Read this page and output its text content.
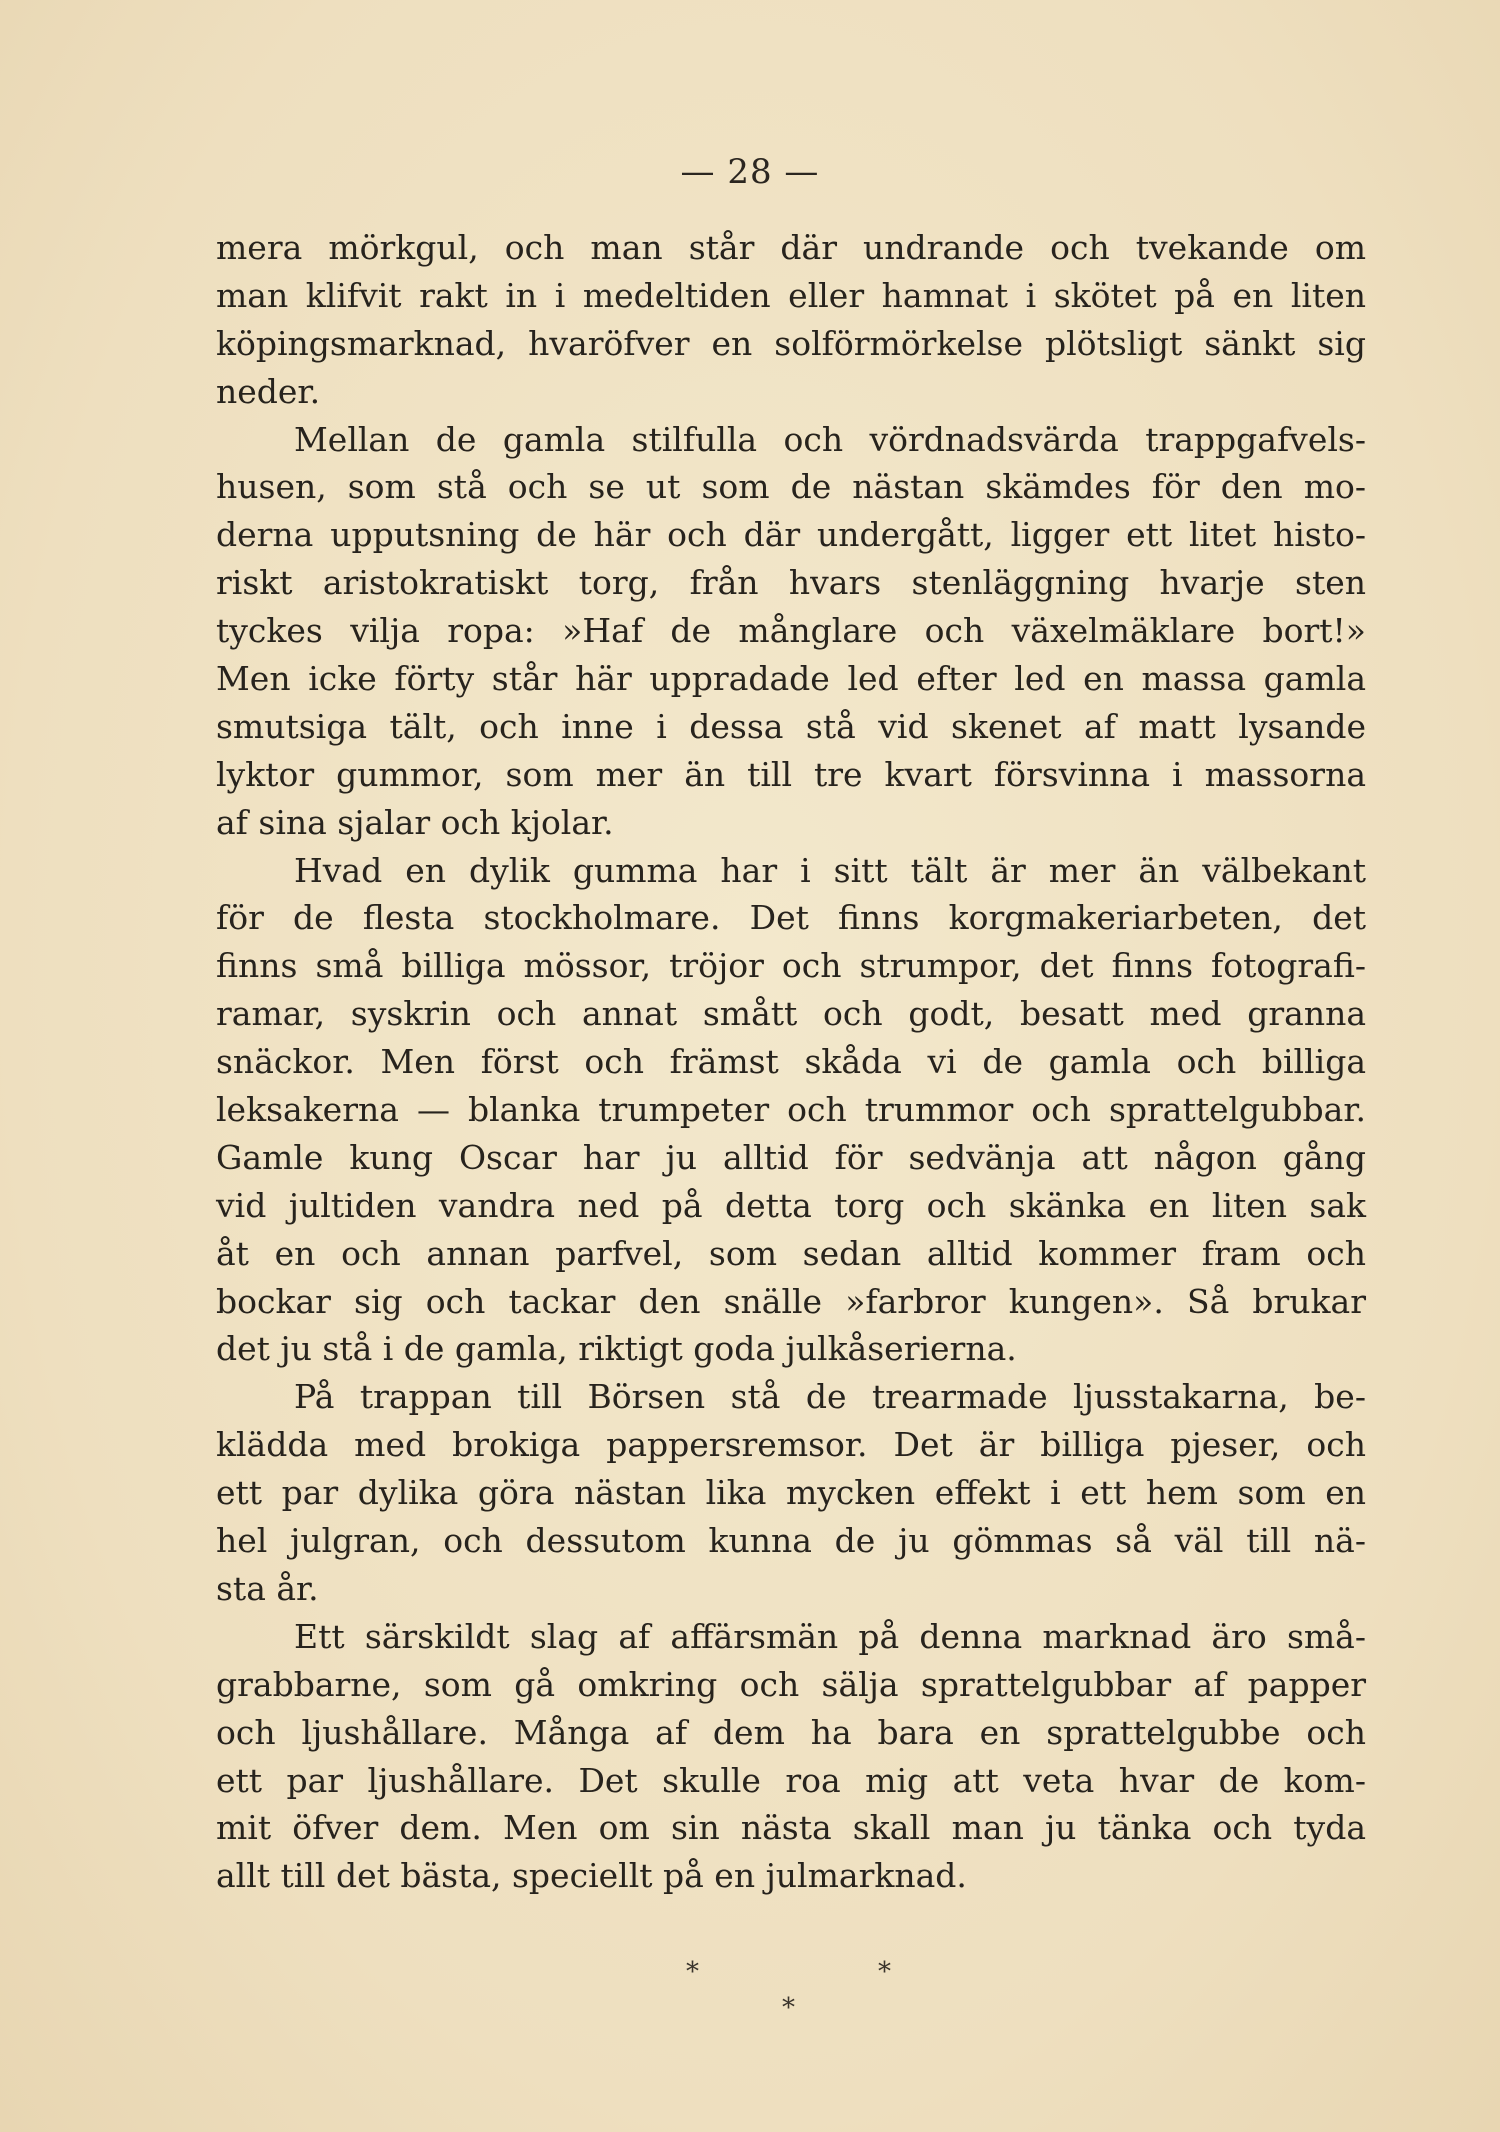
— 28 —
mera mörkgul, och man står där undrande och tvekande om
man klifvit rakt in i medeltiden eller hamnat i skötet på en liten
köpingsmarknad, hvaröfver en solförmörkelse plötsligt sänkt sig
neder.
Mellan de gamla stilfulla och vördnadsvärda trappgafvels-
husen, som stå och se ut som de nästan skämdes för den mo-
derna upputsning de här och där undergått, ligger ett litet histo-
riskt aristokratiskt torg, från hvars stenläggning hvarje sten
tyckes vilja ropa: »Haf de månglare och växelmäklare bort!»
Men icke förty står här uppradade led efter led en massa gamla
smutsiga tält, och inne i dessa stå vid skenet af matt lysande
lyktor gummor, som mer än till tre kvart försvinna i massorna
af sina sjalar och kjolar.
Hvad en dylik gumma har i sitt tält är mer än välbekant
för de flesta stockholmare. Det finns korgmakeriarbeten, det
finns små billiga mössor, tröjor och strumpor, det finns fotografi-
ramar, syskrin och annat smått och godt, besatt med granna
snäckor. Men först och främst skåda vi de gamla och billiga
leksakerna — blanka trumpeter och trummor och sprattelgubbar.
Gamle kung Oscar har ju alltid för sedvänja att någon gång
vid jultiden vandra ned på detta torg och skänka en liten sak
åt en och annan parfvel, som sedan alltid kommer fram och
bockar sig och tackar den snälle »farbror kungen». Så brukar
det ju stå i de gamla, riktigt goda julkåserierna.
På trappan till Börsen stå de trearmade ljusstakarna, be-
klädda med brokiga pappersremsor. Det är billiga pjeser, och
ett par dylika göra nästan lika mycken effekt i ett hem som en
hel julgran, och dessutom kunna de ju gömmas så väl till nä-
sta år.
Ett särskildt slag af affärsmän på denna marknad äro små-
grabbarne, som gå omkring och sälja sprattelgubbar af papper
och ljushållare. Många af dem ha bara en sprattelgubbe och
ett par ljushållare. Det skulle roa mig att veta hvar de kom-
mit öfver dem. Men om sin nästa skall man ju tänka och tyda
allt till det bästa, speciellt på en julmarknad.
*	*
*
